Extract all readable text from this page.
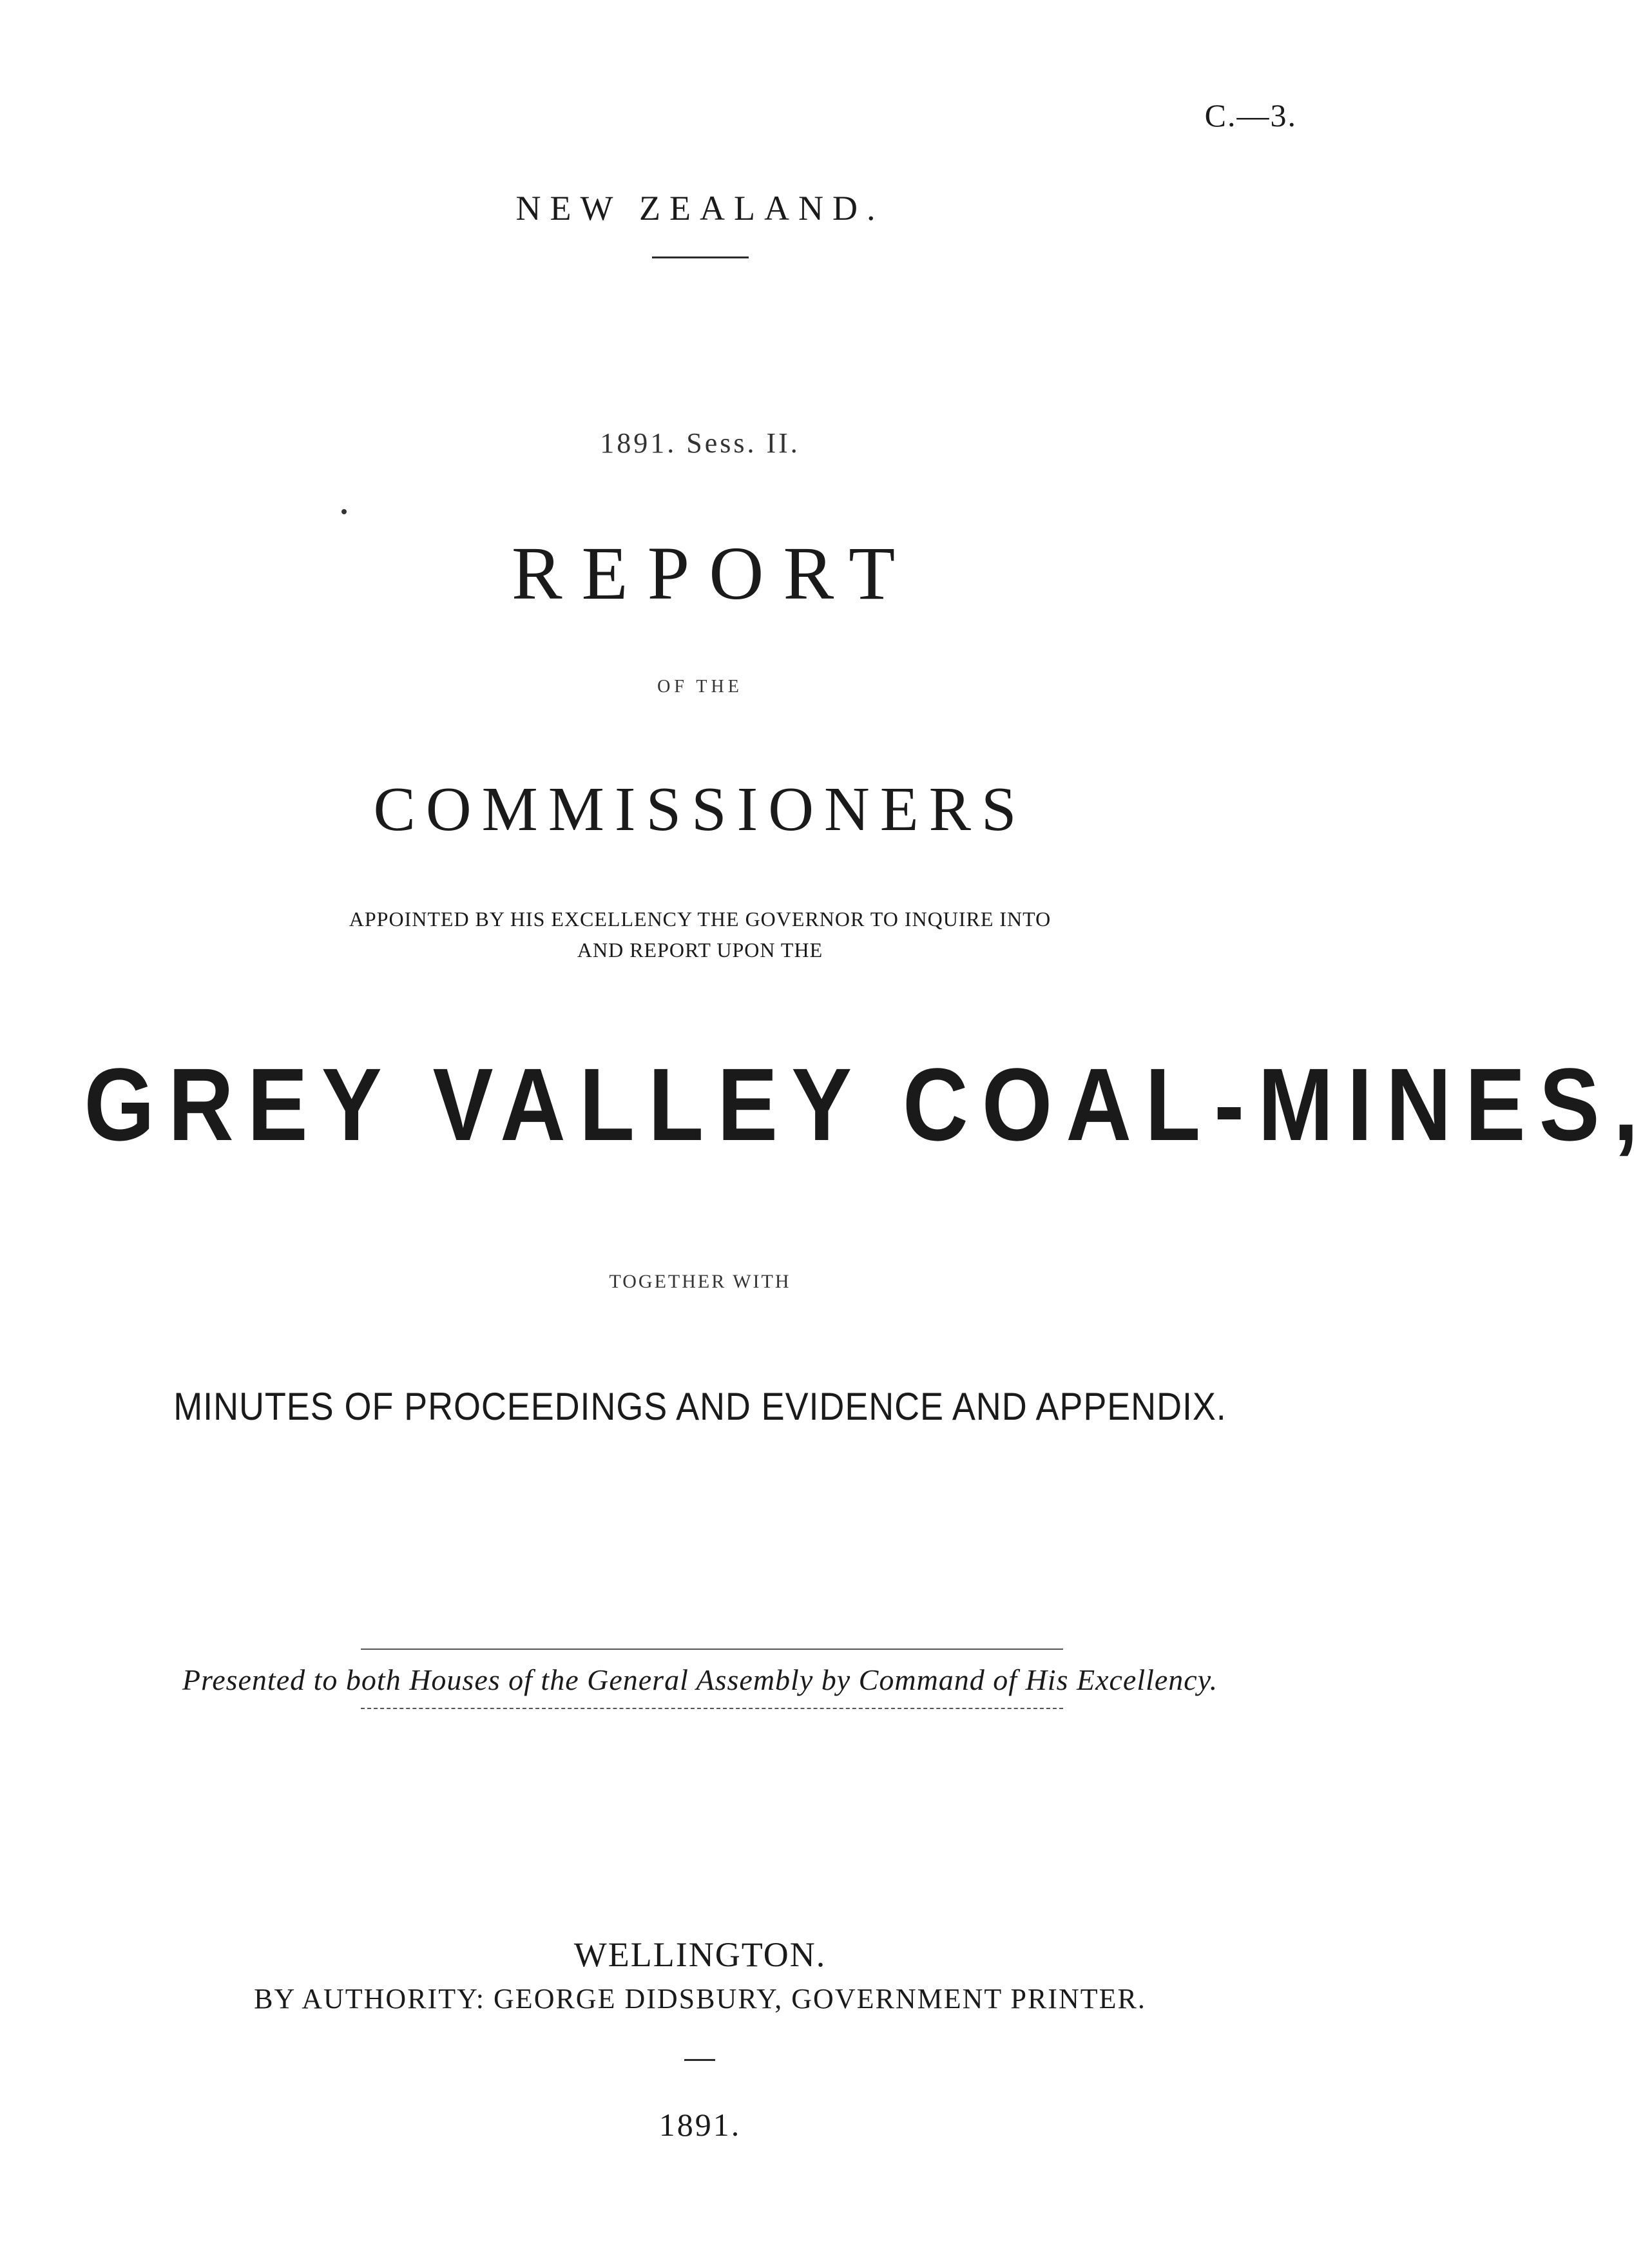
C.—3.
NEW ZEALAND.
1891. Sess. II.
REPORT
OF THE
COMMISSIONERS
APPOINTED BY HIS EXCELLENCY THE GOVERNOR TO INQUIRE INTO
AND REPORT UPON THE
GREY VALLEY COAL-MINES,
TOGETHER WITH
MINUTES OF PROCEEDINGS AND EVIDENCE AND APPENDIX.
Presented to both Houses of the General Assembly by Command of His Excellency.
WELLINGTON.
BY AUTHORITY: GEORGE DIDSBURY, GOVERNMENT PRINTER.
1891.
